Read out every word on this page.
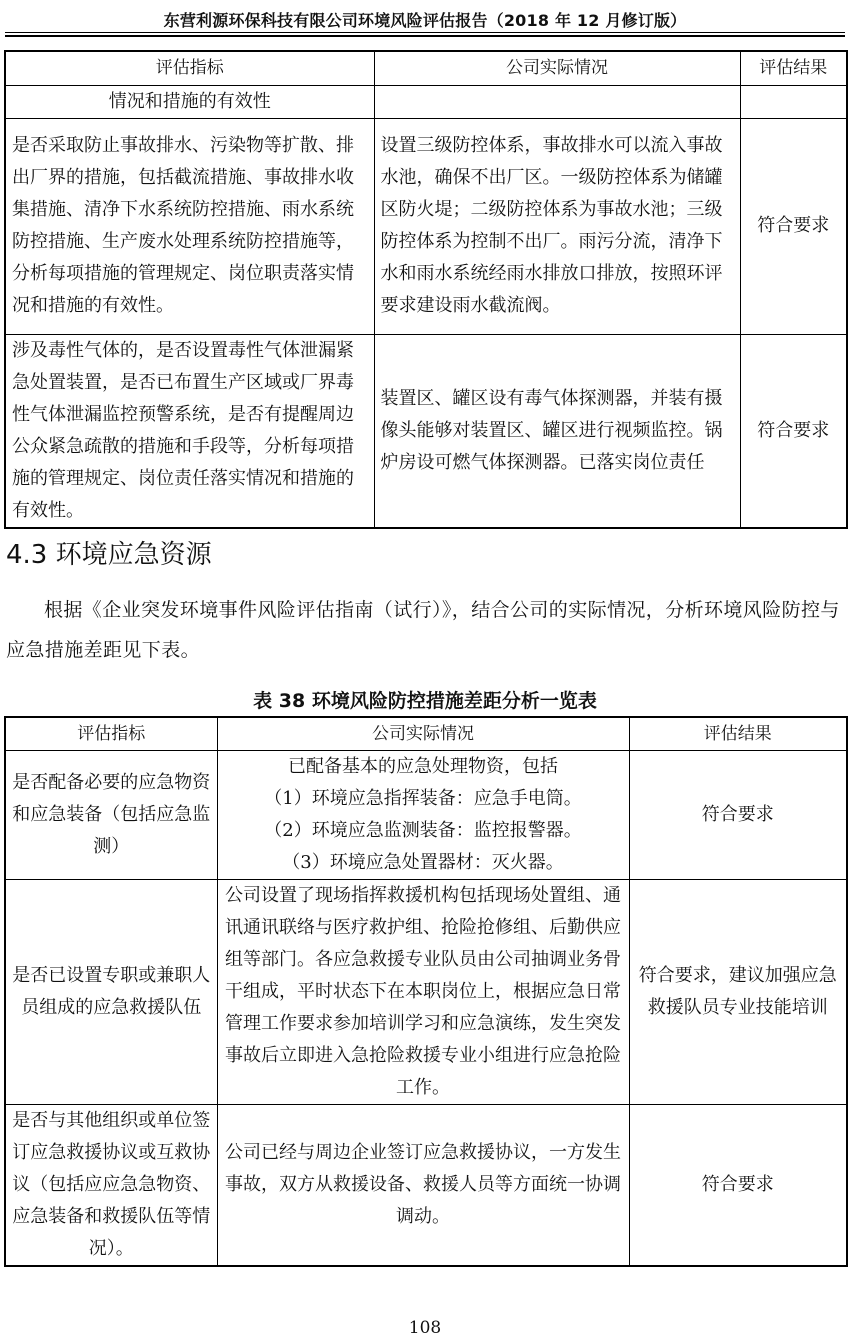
东营利源环保科技有限公司环境风险评估报告（2018 年 12 月修订版）
评估指标	公司实际情况	评估结果
情况和措施的有效性		
是否采取防止事故排水、污染物等扩散、排出厂界的措施，包括截流措施、事故排水收集措施、清净下水系统防控措施、雨水系统防控措施、生产废水处理系统防控措施等，分析每项措施的管理规定、岗位职责落实情况和措施的有效性。	设置三级防控体系，事故排水可以流入事故水池，确保不出厂区。一级防控体系为储罐区防火堤；二级防控体系为事故水池；三级防控体系为控制不出厂。雨污分流，清净下水和雨水系统经雨水排放口排放，按照环评要求建设雨水截流阀。	符合要求
涉及毒性气体的，是否设置毒性气体泄漏紧急处置装置，是否已布置生产区域或厂界毒性气体泄漏监控预警系统，是否有提醒周边公众紧急疏散的措施和手段等，分析每项措施的管理规定、岗位责任落实情况和措施的有效性。	装置区、罐区设有毒气体探测器，并装有摄像头能够对装置区、罐区进行视频监控。锅炉房设可燃气体探测器。已落实岗位责任	符合要求
4.3 环境应急资源
根据《企业突发环境事件风险评估指南（试行）》，结合公司的实际情况，分析环境风险防控与应急措施差距见下表。
表 38 环境风险防控措施差距分析一览表
评估指标	公司实际情况	评估结果
是否配备必要的应急物资和应急装备（包括应急监测）	已配备基本的应急处理物资，包括
（1）环境应急指挥装备：应急手电筒。
（2）环境应急监测装备：监控报警器。
（3）环境应急处置器材：灭火器。	符合要求
是否已设置专职或兼职人员组成的应急救援队伍	公司设置了现场指挥救援机构包括现场处置组、通讯通讯联络与医疗救护组、抢险抢修组、后勤供应组等部门。各应急救援专业队员由公司抽调业务骨干组成，平时状态下在本职岗位上，根据应急日常管理工作要求参加培训学习和应急演练，发生突发事故后立即进入急抢险救援专业小组进行应急抢险工作。	符合要求，建议加强应急救援队员专业技能培训
是否与其他组织或单位签订应急救援协议或互救协议（包括应应急急物资、应急装备和救援队伍等情况）。	公司已经与周边企业签订应急救援协议，一方发生事故，双方从救援设备、救援人员等方面统一协调调动。	符合要求
108
